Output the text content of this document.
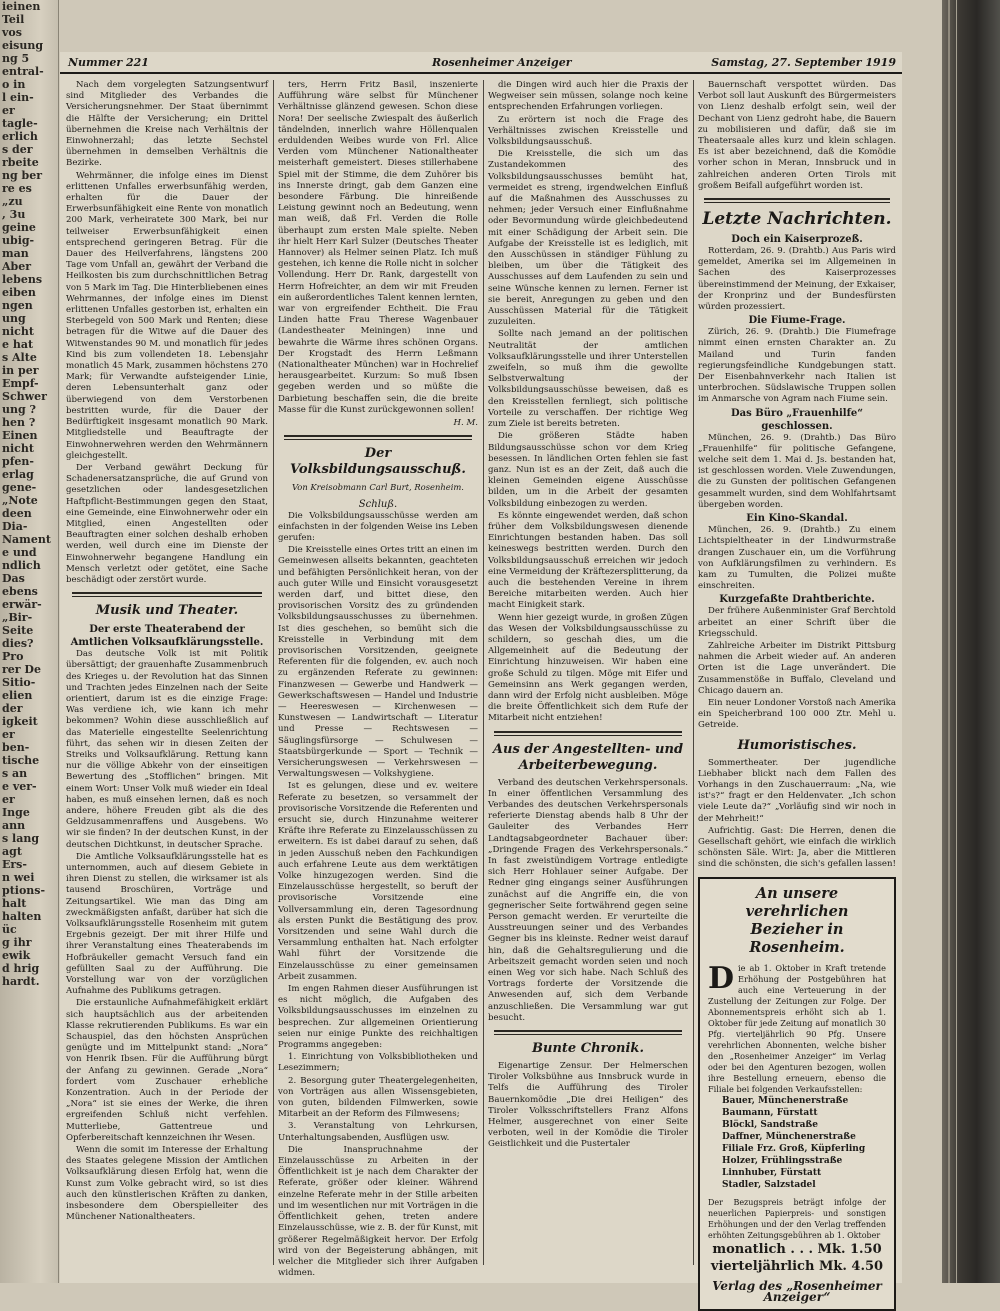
ieinen
Teil
vos
eisung
ng 5
entral-
o in
l ein-
er
tagle-
erlich
s der
rbeite
ng ber
re es
„zu
, 3u
geine
ubig-
man
Aber
lebens
eiben
ngen
ung
nicht
e hat
s Alte
in per
Empf-
Schwer
ung ?
hen ?
Einen
nicht
pfen-
erlag
gene-
„Note
deen
Dia-
Nament
e und
ndlich
Das
ebens
erwär-
„Bir-
Seite
dies?
Pro
rer De
Sitio-
elien
der
igkeit
er
ben-
tische
s an
e ver-
er
Inge
ann
s lang
agt
Ers-
n wei
ptions-
halt
halten
üc
g ihr
ewik
d hrig
hardt.
Nummer 221	Rosenheimer Anzeiger	Samstag, 27. September 1919

Nach dem vorgelegten Satzungsentwurf sind Mitglieder des Verbandes die Versicherungsnehmer. Der Staat übernimmt die Hälfte der Versicherung; ein Drittel übernehmen die Kreise nach Verhältnis der Einwohnerzahl; das letzte Sechstel übernehmen in demselben Verhältnis die Bezirke.

Wehrmänner, die infolge eines im Dienst erlittenen Unfalles erwerbsunfähig werden, erhalten für die Dauer der Erwerbsunfähigkeit eine Rente von monatlich 200 Mark, verheiratete 300 Mark, bei nur teilweiser Erwerbsunfähigkeit einen entsprechend geringeren Betrag. Für die Dauer des Heilverfahrens, längstens 200 Tage vom Unfall an, gewährt der Verband die Heilkosten bis zum durchschnittlichen Betrag von 5 Mark im Tag. Die Hinterbliebenen eines Wehrmannes, der infolge eines im Dienst erlittenen Unfalles gestorben ist, erhalten ein Sterbegeld von 500 Mark und Renten; diese betragen für die Witwe auf die Dauer des Witwenstandes 90 M. und monatlich für jedes Kind bis zum vollendeten 18. Lebensjahr monatlich 45 Mark, zusammen höchstens 270 Mark; für Verwandte aufsteigender Linie, deren Lebensunterhalt ganz oder überwiegend von dem Verstorbenen bestritten wurde, für die Dauer der Bedürftigkeit insgesamt monatlich 90 Mark. Mitgliedstelle und Beauftragte der Einwohnerwehren werden den Wehrmännern gleichgestellt.

Der Verband gewährt Deckung für Schadenersatzansprüche, die auf Grund von gesetzlichen oder landesgesetzlichen Haftpflicht-Bestimmungen gegen den Staat, eine Gemeinde, eine Einwohnerwehr oder ein Mitglied, einen Angestellten oder Beauftragten einer solchen deshalb erhoben werden, weil durch eine im Dienste der Einwohnerwehr begangene Handlung ein Mensch verletzt oder getötet, eine Sache beschädigt oder zerstört wurde.

Musik und Theater.
Der erste Theaterabend der Amtlichen Volksaufklärungsstelle.

Das deutsche Volk ist mit Politik übersättigt; der grauenhafte Zusammenbruch des Krieges u. der Revolution hat das Sinnen und Trachten jedes Einzelnen nach der Seite orientiert, darum ist es die einzige Frage: Was verdiene ich, wie kann ich mehr bekommen? Wohin diese ausschließlich auf das Materielle eingestellte Seelenrichtung führt, das sehen wir in diesen Zeiten der Streiks und Volksaufklärung. Rettung kann nur die völlige Abkehr von der einseitigen Bewertung des „Stofflichen“ bringen. Mit einem Wort: Unser Volk muß wieder ein Ideal haben, es muß einsehen lernen, daß es noch andere, höhere Freuden gibt als die des Geldzusammenraffens und Ausgebens. Wo wir sie finden? In der deutschen Kunst, in der deutschen Dichtkunst, in deutscher Sprache.

Die Amtliche Volksaufklärungsstelle hat es unternommen, auch auf diesem Gebiete in ihren Dienst zu stellen, die wirksamer ist als tausend Broschüren, Vorträge und Zeitungsartikel. Wie man das Ding am zweckmäßigsten anfaßt, darüber hat sich die Volksaufklärungsstelle Rosenheim mit gutem Ergebnis gezeigt. Der mit ihrer Hilfe und ihrer Veranstaltung eines Theaterabends im Hofbräukeller gemacht Versuch fand ein gefüllten Saal zu der Aufführung. Die Vorstellung war von der vorzüglichen Aufnahme des Publikums getragen.

Die erstaunliche Aufnahmefähigkeit erklärt sich hauptsächlich aus der arbeitenden Klasse rekrutierenden Publikums. Es war ein Schauspiel, das den höchsten Ansprüchen genügte und im Mittelpunkt stand: „Nora“ von Henrik Ibsen. Für die Aufführung bürgt der Anfang zu gewinnen. Gerade „Nora“ fordert vom Zuschauer erhebliche Konzentration. Auch in der Periode der „Nora“ ist sie eines der Werke, die ihren ergreifenden Schluß nicht verfehlen. Mutterliebe, Gattentreue und Opferbereitschaft kennzeichnen ihr Wesen.

Wenn die somit im Interesse der Erhaltung des Staates gelegene Mission der Amtlichen Volksaufklärung diesen Erfolg hat, wenn die Kunst zum Volke gebracht wird, so ist dies auch den künstlerischen Kräften zu danken, insbesondere dem Oberspielleiter des Münchener Nationaltheaters.

ters, Herrn Fritz Basil, inszenierte Aufführung wäre selbst für Münchener Verhältnisse glänzend gewesen. Schon diese Nora! Der seelische Zwiespalt des äußerlich tändelnden, innerlich wahre Höllenqualen erduldenden Weibes wurde von Frl. Alice Verden vom Münchener Nationaltheater meisterhaft gemeistert. Dieses stillerhabene Spiel mit der Stimme, die dem Zuhörer bis ins Innerste dringt, gab dem Ganzen eine besondere Färbung. Die hinreißende Leistung gewinnt noch an Bedeutung, wenn man weiß, daß Frl. Verden die Rolle überhaupt zum ersten Male spielte. Neben ihr hielt Herr Karl Sulzer (Deutsches Theater Hannover) als Helmer seinen Platz. Ich muß gestehen, ich kenne die Rolle nicht in solcher Vollendung. Herr Dr. Rank, dargestellt von Herrn Hofreichter, an dem wir mit Freuden ein außerordentliches Talent kennen lernten, war von ergreifender Echtheit. Die Frau Linden hatte Frau Therese Wagenbauer (Landestheater Meiningen) inne und bewahrte die Wärme ihres schönen Organs. Der Krogstadt des Herrn Leßmann (Nationaltheater München) war in Hochrelief herausgearbeitet. Kurzum: So muß Ibsen gegeben werden und so müßte die Darbietung beschaffen sein, die die breite Masse für die Kunst zurückgewonnen sollen!

H. M.
Der Volksbildungsausschuß.
Von Kreisobmann Carl Burt, Rosenheim.
Schluß.

Die Volksbildungsausschüsse werden am einfachsten in der folgenden Weise ins Leben gerufen:

Die Kreisstelle eines Ortes tritt an einen im Gemeinwesen allseits bekannten, geachteten und befähigten Persönlichkeit heran, von der auch guter Wille und Einsicht vorausgesetzt werden darf, und bittet diese, den provisorischen Vorsitz des zu gründenden Volksbildungsausschusses zu übernehmen. Ist dies geschehen, so bemüht sich die Kreisstelle in Verbindung mit dem provisorischen Vorsitzenden, geeignete Referenten für die folgenden, ev. auch noch zu ergänzenden Referate zu gewinnen: Finanzwesen — Gewerbe und Handwerk — Gewerkschaftswesen — Handel und Industrie — Heereswesen — Kirchenwesen — Kunstwesen — Landwirtschaft — Literatur und Presse — Rechtswesen — Säuglingsfürsorge — Schulwesen — Staatsbürgerkunde — Sport — Technik — Versicherungswesen — Verkehrswesen — Verwaltungswesen — Volkshygiene.

Ist es gelungen, diese und ev. weitere Referate zu besetzen, so versammelt der provisorische Vorsitzende die Referenten und ersucht sie, durch Hinzunahme weiterer Kräfte ihre Referate zu Einzelausschüssen zu erweitern. Es ist dabei darauf zu sehen, daß in jeden Ausschuß neben den Fachkundigen auch erfahrene Leute aus dem werktätigen Volke hinzugezogen werden. Sind die Einzelausschüsse hergestellt, so beruft der provisorische Vorsitzende eine Vollversammlung ein, deren Tagesordnung als ersten Punkt die Bestätigung des prov. Vorsitzenden und seine Wahl durch die Versammlung enthalten hat. Nach erfolgter Wahl führt der Vorsitzende die Einzelausschüsse zu einer gemeinsamen Arbeit zusammen.

Im engen Rahmen dieser Ausführungen ist es nicht möglich, die Aufgaben des Volksbildungsausschusses im einzelnen zu besprechen. Zur allgemeinen Orientierung seien nur einige Punkte des reichhaltigen Programms angegeben:

1. Einrichtung von Volksbibliotheken und Lesezimmern;

2. Besorgung guter Theatergelegenheiten, von Vorträgen aus allen Wissensgebieten, von guten, bildenden Filmwerken, sowie Mitarbeit an der Reform des Filmwesens;

3. Veranstaltung von Lehrkursen, Unterhaltungsabenden, Ausflügen usw.

Die Inanspruchnahme der Einzelausschüsse zu Arbeiten in der Öffentlichkeit ist je nach dem Charakter der Referate, größer oder kleiner. Während einzelne Referate mehr in der Stille arbeiten und im wesentlichen nur mit Vorträgen in die Öffentlichkeit gehen, treten andere Einzelausschüsse, wie z. B. der für Kunst, mit größerer Regelmäßigkeit hervor. Der Erfolg wird von der Begeisterung abhängen, mit welcher die Mitglieder sich ihrer Aufgaben widmen.

die Dingen wird auch hier die Praxis der Wegweiser sein müssen, solange noch keine entsprechenden Erfahrungen vorliegen.

Zu erörtern ist noch die Frage des Verhältnisses zwischen Kreisstelle und Volksbildungsausschuß.

Die Kreisstelle, die sich um das Zustandekommen des Volksbildungsausschusses bemüht hat, vermeidet es streng, irgendwelchen Einfluß auf die Maßnahmen des Ausschusses zu nehmen; jeder Versuch einer Einflußnahme oder Bevormundung würde gleichbedeutend mit einer Schädigung der Arbeit sein. Die Aufgabe der Kreisstelle ist es lediglich, mit den Ausschüssen in ständiger Fühlung zu bleiben, um über die Tätigkeit des Ausschusses auf dem Laufenden zu sein und seine Wünsche kennen zu lernen. Ferner ist sie bereit, Anregungen zu geben und den Ausschüssen Material für die Tätigkeit zuzuleiten.

Sollte nach jemand an der politischen Neutralität der amtlichen Volksaufklärungsstelle und ihrer Unterstellen zweifeln, so muß ihm die gewollte Selbstverwaltung der Volksbildungsausschüsse beweisen, daß es den Kreisstellen fernliegt, sich politische Vorteile zu verschaffen. Der richtige Weg zum Ziele ist bereits betreten.

Die größeren Städte haben Bildungsausschüsse schon vor dem Krieg besessen. In ländlichen Orten fehlen sie fast ganz. Nun ist es an der Zeit, daß auch die kleinen Gemeinden eigene Ausschüsse bilden, um in die Arbeit der gesamten Volksbildung einbezogen zu werden.

Es könnte eingewendet werden, daß schon früher dem Volksbildungswesen dienende Einrichtungen bestanden haben. Das soll keineswegs bestritten werden. Durch den Volksbildungsausschuß erreichen wir jedoch eine Vermeidung der Kräftezersplitterung, da auch die bestehenden Vereine in ihrem Bereiche mitarbeiten werden. Auch hier macht Einigkeit stark.

Wenn hier gezeigt wurde, in großen Zügen das Wesen der Volksbildungsausschüsse zu schildern, so geschah dies, um die Allgemeinheit auf die Bedeutung der Einrichtung hinzuweisen. Wir haben eine große Schuld zu tilgen. Möge mit Eifer und Gemeinsinn ans Werk gegangen werden, dann wird der Erfolg nicht ausbleiben. Möge die breite Öffentlichkeit sich dem Rufe der Mitarbeit nicht entziehen!

Aus der Angestellten- und Arbeiterbewegung.

Verband des deutschen Verkehrspersonals. In einer öffentlichen Versammlung des Verbandes des deutschen Verkehrspersonals referierte Dienstag abends halb 8 Uhr der Gauleiter des Verbandes Herr Landtagsabgeordneter Bachauer über: „Dringende Fragen des Verkehrspersonals.“ In fast zweistündigem Vortrage entledigte sich Herr Hohlauer seiner Aufgabe. Der Redner ging eingangs seiner Ausführungen zunächst auf die Angriffe ein, die von gegnerischer Seite fortwährend gegen seine Person gemacht werden. Er verurteilte die Ausstreuungen seiner und des Verbandes Gegner bis ins kleinste. Redner weist darauf hin, daß die Gehaltsregulierung und die Arbeitszeit gemacht worden seien und noch einen Weg vor sich habe. Nach Schluß des Vortrags forderte der Vorsitzende die Anwesenden auf, sich dem Verbande anzuschließen. Die Versammlung war gut besucht.

Bunte Chronik.

Eigenartige Zensur. Der Helmerschen Tiroler Volksbühne aus Innsbruck wurde in Telfs die Aufführung des Tiroler Bauernkomödie „Die drei Heiligen“ des Tiroler Volksschriftstellers Franz Alfons Helmer, ausgerechnet von einer Seite verboten, weil in der Komödie die Tiroler Geistlichkeit und die Pustertaler

Bauernschaft verspottet würden. Das Verbot soll laut Auskunft des Bürgermeisters von Lienz deshalb erfolgt sein, weil der Dechant von Lienz gedroht habe, die Bauern zu mobilisieren und dafür, daß sie im Theatersaale alles kurz und klein schlagen. Es ist aber bezeichnend, daß die Komödie vorher schon in Meran, Innsbruck und in zahlreichen anderen Orten Tirols mit großem Beifall aufgeführt worden ist.

Letzte Nachrichten.
Doch ein Kaiserprozeß.

Rotterdam, 26. 9. (Drahtb.) Aus Paris wird gemeldet, Amerika sei im Allgemeinen in Sachen des Kaiserprozesses übereinstimmend der Meinung, der Exkaiser, der Kronprinz und der Bundesfürsten würden prozessiert.

Die Fiume-Frage.

Zürich, 26. 9. (Drahtb.) Die Fiumefrage nimmt einen ernsten Charakter an. Zu Mailand und Turin fanden regierungsfeindliche Kundgebungen statt. Der Eisenbahnverkehr nach Italien ist unterbrochen. Südslawische Truppen sollen im Anmarsche von Agram nach Fiume sein.

Das Büro „Frauenhilfe“ geschlossen.

München, 26. 9. (Drahtb.) Das Büro „Frauenhilfe“ für politische Gefangene, welche seit dem 1. Mai d. Js. bestanden hat, ist geschlossen worden. Viele Zuwendungen, die zu Gunsten der politischen Gefangenen gesammelt wurden, sind dem Wohlfahrtsamt übergeben worden.

Ein Kino-Skandal.

München, 26. 9. (Drahtb.) Zu einem Lichtspieltheater in der Lindwurmstraße drangen Zuschauer ein, um die Vorführung von Aufklärungsfilmen zu verhindern. Es kam zu Tumulten, die Polizei mußte einschreiten.

Kurzgefaßte Drahtberichte.

Der frühere Außenminister Graf Berchtold arbeitet an einer Schrift über die Kriegsschuld.

Zahlreiche Arbeiter im Distrikt Pittsburg nahmen die Arbeit wieder auf. An anderen Orten ist die Lage unverändert. Die Zusammenstöße in Buffalo, Cleveland und Chicago dauern an.

Ein neuer Londoner Vorstoß nach Amerika ein Speicherbrand 100 000 Ztr. Mehl u. Getreide.

Humoristisches.

Sommertheater. Der jugendliche Liebhaber blickt nach dem Fallen des Vorhangs in den Zuschauerraum: „Na, wie ist's?“ fragt er den Heldenvater. „Ich schon viele Leute da?“ „Vorläufig sind wir noch in der Mehrheit!“

Aufrichtig. Gast: Die Herren, denen die Gesellschaft gehört, wie einfach die wirklich schönsten Säle. Wirt: Ja, aber die Mittleren sind die schönsten, die sich's gefallen lassen!

An unsere verehrlichen Bezieher in Rosenheim.
D ie ab 1. Oktober in Kraft tretende Erhöhung der Postgebühren hat auch eine Verteuerung in der Zustellung der Zeitungen zur Folge. Der Abonnementspreis erhöht sich ab 1. Oktober für jede Zeitung auf monatlich 30 Pfg. vierteljährlich 90 Pfg. Unsere verehrlichen Abonnenten, welche bisher den „Rosenheimer Anzeiger“ im Verlag oder bei den Agenturen bezogen, wollen ihre Bestellung erneuern, ebenso die Filiale bei folgenden Verkaufsstellen:
Bauer, Münchenerstraße
Baumann, Fürstatt
Blöckl, Sandstraße
Daffner, Münchenerstraße
Filiale Frz. Groß, Küpferling
Holzer, Frühlingsstraße
Linnhuber, Fürstatt
Stadler, Salzstadel
Der Bezugspreis beträgt infolge der neuerlichen Papierpreis- und sonstigen Erhöhungen und der den Verlag treffenden erhöhten Zeitungsgebühren ab 1. Oktober
monatlich . . . Mk. 1.50
vierteljährlich Mk. 4.50
Verlag des „Rosenheimer Anzeiger“
